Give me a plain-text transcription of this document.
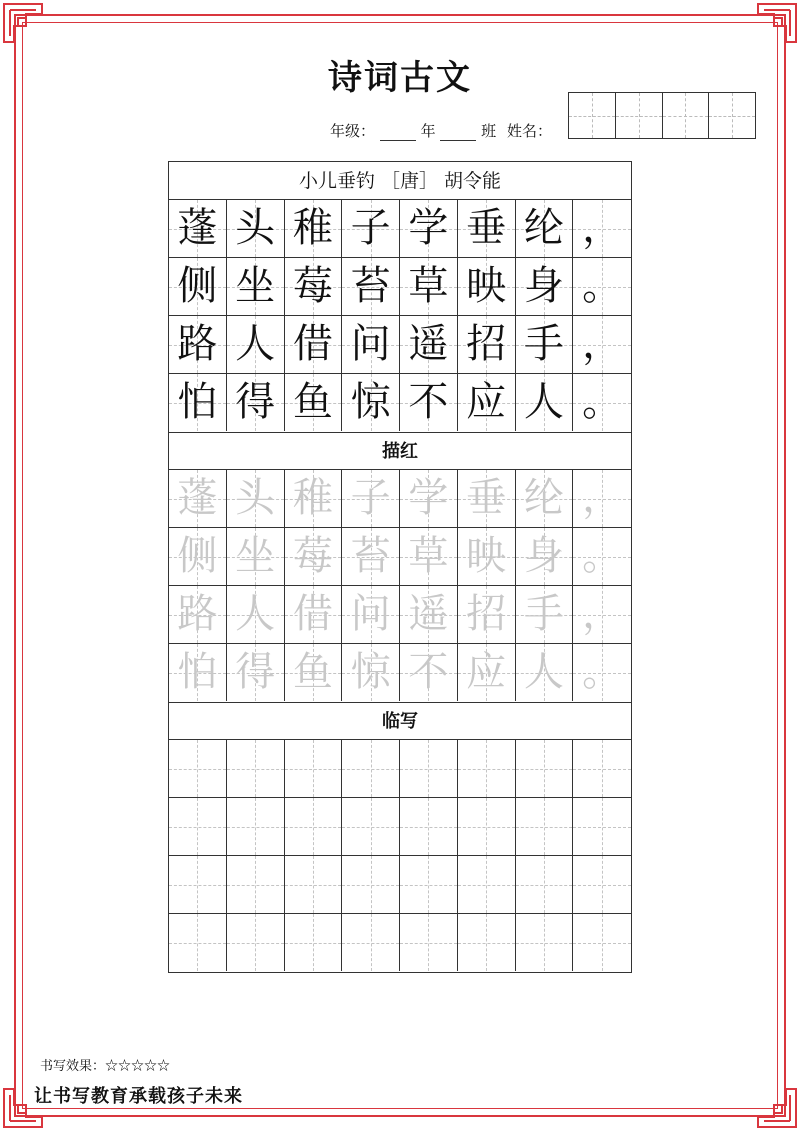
诗词古文
年级：	年	班 姓名：
小儿垂钓 ［唐］ 胡令能
蓬 头 稚 子 学 垂 纶 ，
侧 坐 莓 苔 草 映 身 。
路 人 借 问 遥 招 手 ，
怕 得 鱼 惊 不 应 人 。
描红
蓬 头 稚 子 学 垂 纶 ，
侧 坐 莓 苔 草 映 身 。
路 人 借 问 遥 招 手 ，
怕 得 鱼 惊 不 应 人 。
临写
书写效果：☆☆☆☆☆
让书写教育承载孩子未来
